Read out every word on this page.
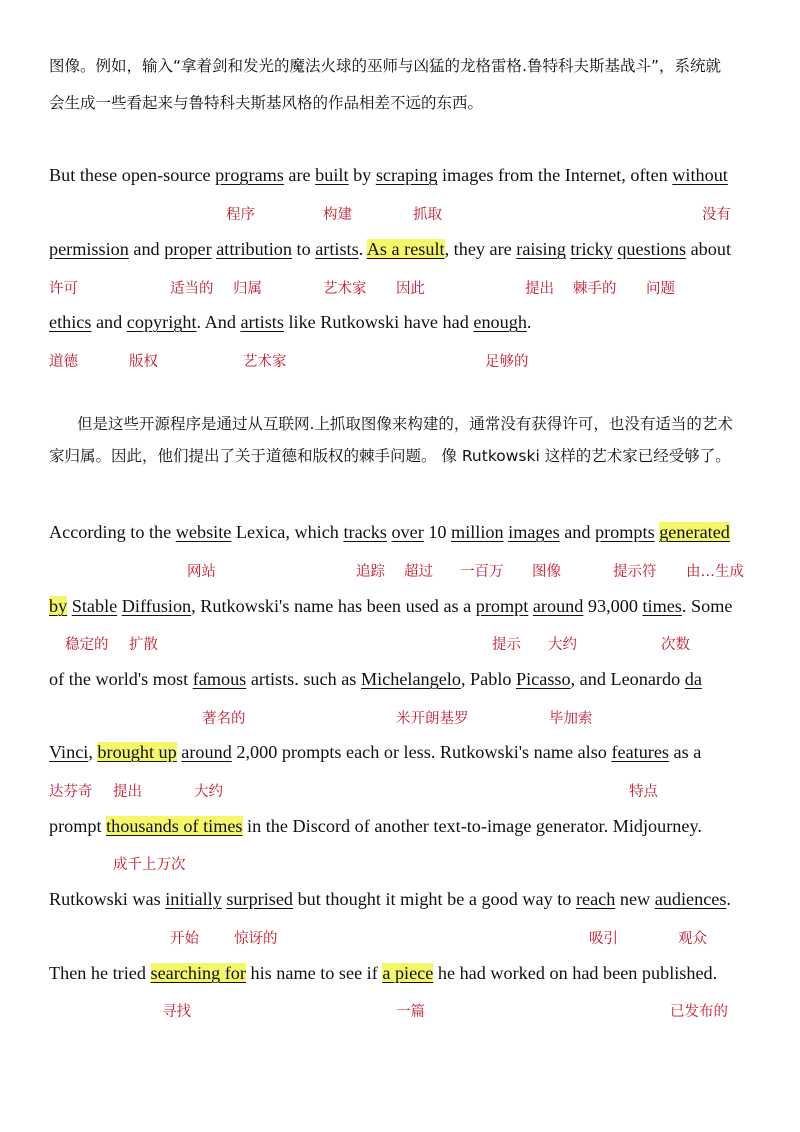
图像。例如，输入“拿着剑和发光的魔法火球的巫师与凶猛的龙格雷格.鲁特科夫斯基战斗”，系统就
会生成一些看起来与鲁特科夫斯基风格的作品相差不远的东西。
But these open-source programs are built by scraping images from the Internet, often without
程序	构建	抓取	没有
permission and proper attribution to artists. As a result, they are raising tricky questions about
许可	适当的 归属	艺术家 因此	提出 棘手的 问题
ethics and copyright. And artists like Rutkowski have had enough.
道德	版权	艺术家	足够的
但是这些开源程序是通过从互联网.上抓取图像来构建的，通常没有获得许可，也没有适当的艺术
家归属。因此，他们提出了关于道德和版权的棘手问题。 像 Rutkowski 这样的艺术家已经受够了。
According to the website Lexica, which tracks over 10 million images and prompts generated
网站	追踪 超过 一百万 图像	提示符 由…生成
by Stable Diffusion, Rutkowski's name has been used as a prompt around 93,000 times. Some
稳定的 扩散	提示 大约	次数
of the world's most famous artists. such as Michelangelo, Pablo Picasso, and Leonardo da
著名的	米开朗基罗	毕加索
Vinci, brought up around 2,000 prompts each or less. Rutkowski's name also features as a
达芬奇 提出	大约	特点
prompt thousands of times in the Discord of another text-to-image generator. Midjourney.
成千上万次
Rutkowski was initially surprised but thought it might be a good way to reach new audiences.
开始 惊讶的	吸引	观众
Then he tried searching for his name to see if a piece he had worked on had been published.
寻找	一篇	已发布的
